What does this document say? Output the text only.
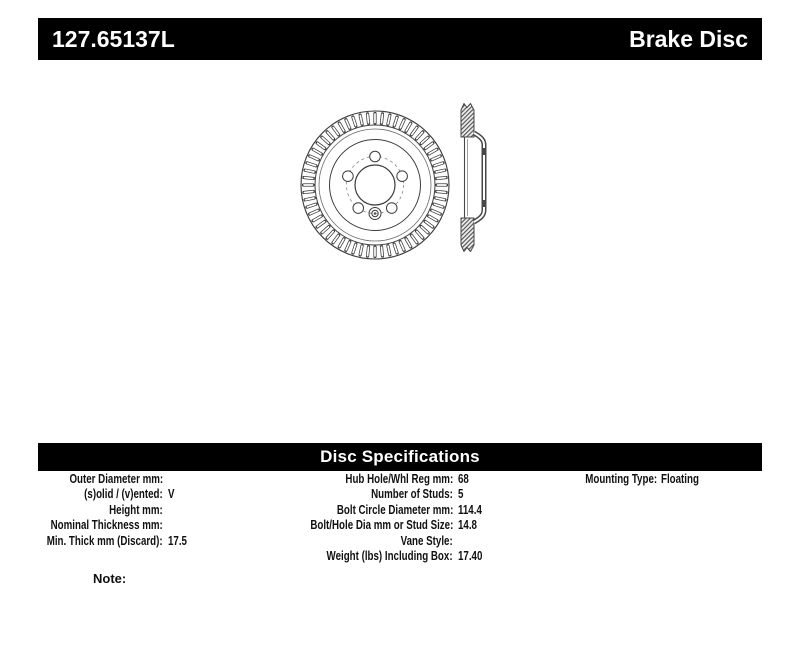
127.65137L	Brake Disc
Disc Specifications
Outer Diameter mm:
(s)olid / (v)ented: V
Height mm:
Nominal Thickness mm:
Min. Thick mm (Discard): 17.5
Hub Hole/Whl Reg mm: 68
Number of Studs: 5
Bolt Circle Diameter mm: 114.4
Bolt/Hole Dia mm or Stud Size: 14.8
Vane Style:
Weight (lbs) Including Box: 17.40
Mounting Type: Floating
Note:
